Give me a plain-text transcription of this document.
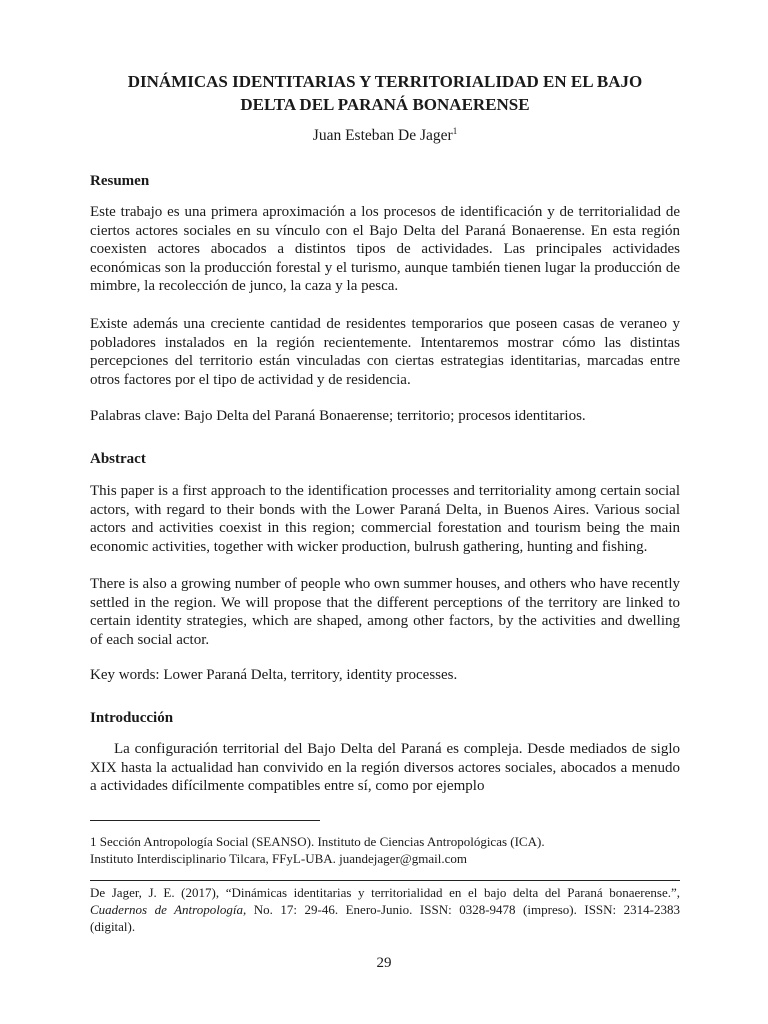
DINÁMICAS IDENTITARIAS Y TERRITORIALIDAD EN EL BAJO
DELTA DEL PARANÁ BONAERENSE

Juan Esteban De Jager$^1$

Resumen

Este trabajo es una primera aproximación a los procesos de identificación y de territorialidad de ciertos actores sociales en su vínculo con el Bajo Delta del Paraná Bonaerense. En esta región coexisten actores abocados a distintos tipos de actividades. Las principales actividades económicas son la producción forestal y el turismo, aunque también tienen lugar la producción de mimbre, la recolección de junco, la caza y la pesca.

Existe además una creciente cantidad de residentes temporarios que poseen casas de veraneo y pobladores instalados en la región recientemente. Intentaremos mostrar cómo las distintas percepciones del territorio están vinculadas con ciertas estrategias identitarias, marcadas entre otros factores por el tipo de actividad y de residencia.

Palabras clave: Bajo Delta del Paraná Bonaerense; territorio; procesos identitarios.

Abstract

This paper is a first approach to the identification processes and territoriality among certain social actors, with regard to their bonds with the Lower Paraná Delta, in Buenos Aires. Various social actors and activities coexist in this region; commercial forestation and tourism being the main economic activities, together with wicker production, bulrush gathering, hunting and fishing.

There is also a growing number of people who own summer houses, and others who have recently settled in the region. We will propose that the different perceptions of the territory are linked to certain identity strategies, which are shaped, among other factors, by the activities and dwelling of each social actor.

Key words: Lower Paraná Delta, territory, identity processes.

Introducción

La configuración territorial del Bajo Delta del Paraná es compleja. Desde mediados de siglo XIX hasta la actualidad han convivido en la región diversos actores sociales, abocados a menudo a actividades difícilmente compatibles entre sí, como por ejemplo

1 Sección Antropología Social (SEANSO). Instituto de Ciencias Antropológicas (ICA).
Instituto Interdisciplinario Tilcara, FFyL-UBA. juandejager@gmail.com

De Jager, J. E. (2017), “Dinámicas identitarias y territorialidad en el bajo delta del Paraná bonaerense.”, Cuadernos de Antropología, No. 17: 29-46. Enero-Junio. ISSN: 0328-9478 (impreso). ISSN: 2314-2383 (digital).

29
